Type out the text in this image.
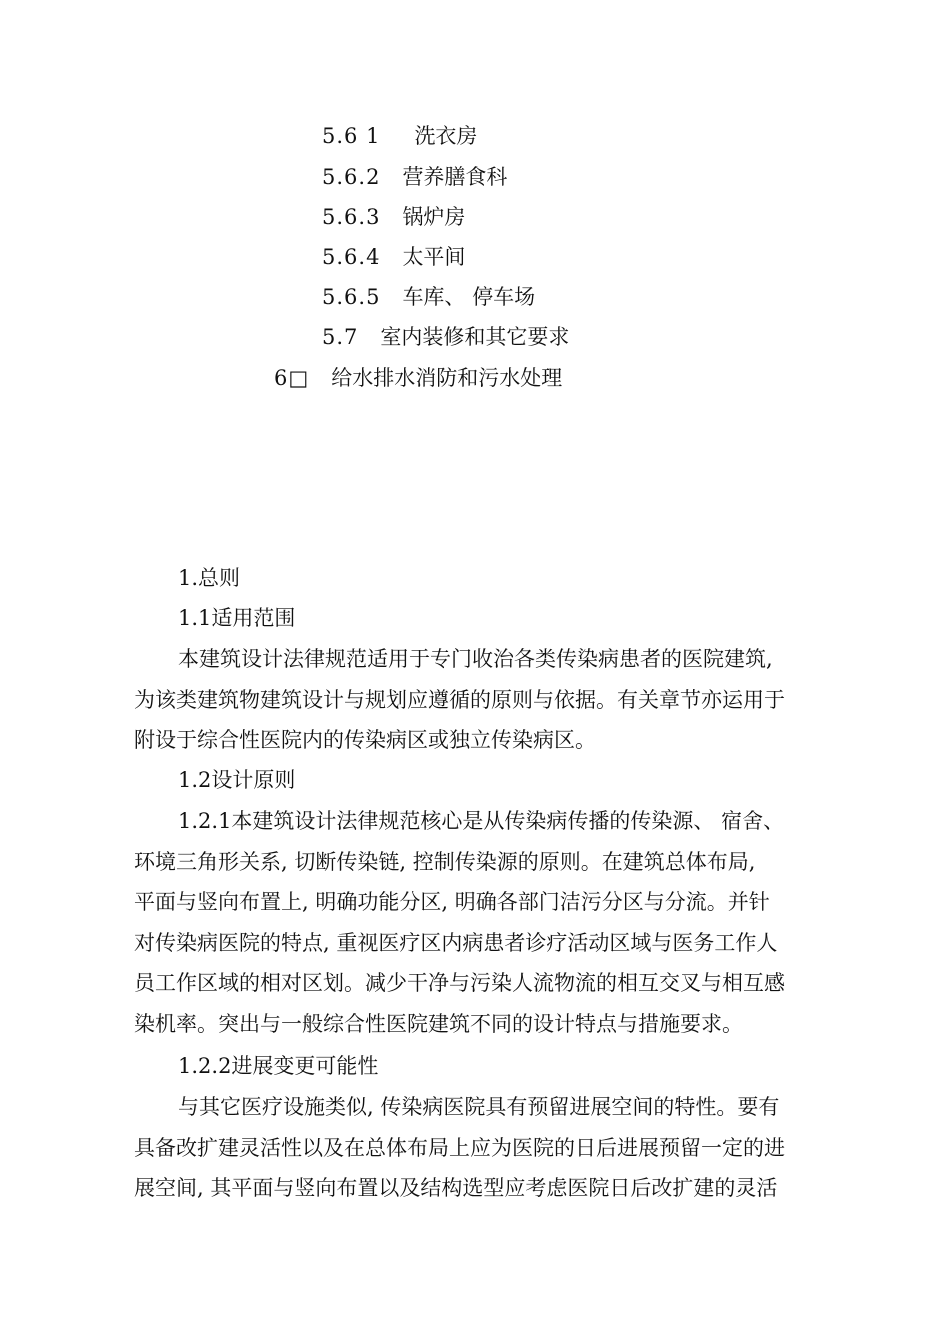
5.6 1 洗衣房
5.6.2 营养膳食科
5.6.3 锅炉房
5.6.4 太平间
5.6.5 车库、 停车场
5.7 室内装修和其它要求
6□ 给水排水消防和污水处理
1.总则
1.1适用范围
本建筑设计法律规范适用于专门收治各类传染病患者的医院建筑,
为该类建筑物建筑设计与规划应遵循的原则与依据。有关章节亦运用于
附设于综合性医院内的传染病区或独立传染病区。
1.2设计原则
1.2.1本建筑设计法律规范核心是从传染病传播的传染源、 宿舍、
环境三角形关系, 切断传染链, 控制传染源的原则。在建筑总体布局,
平面与竖向布置上, 明确功能分区, 明确各部门洁污分区与分流。并针
对传染病医院的特点, 重视医疗区内病患者诊疗活动区域与医务工作人
员工作区域的相对区划。减少干净与污染人流物流的相互交叉与相互感
染机率。突出与一般综合性医院建筑不同的设计特点与措施要求。
1.2.2进展变更可能性
与其它医疗设施类似, 传染病医院具有预留进展空间的特性。要有
具备改扩建灵活性以及在总体布局上应为医院的日后进展预留一定的进
展空间, 其平面与竖向布置以及结构选型应考虑医院日后改扩建的灵活
